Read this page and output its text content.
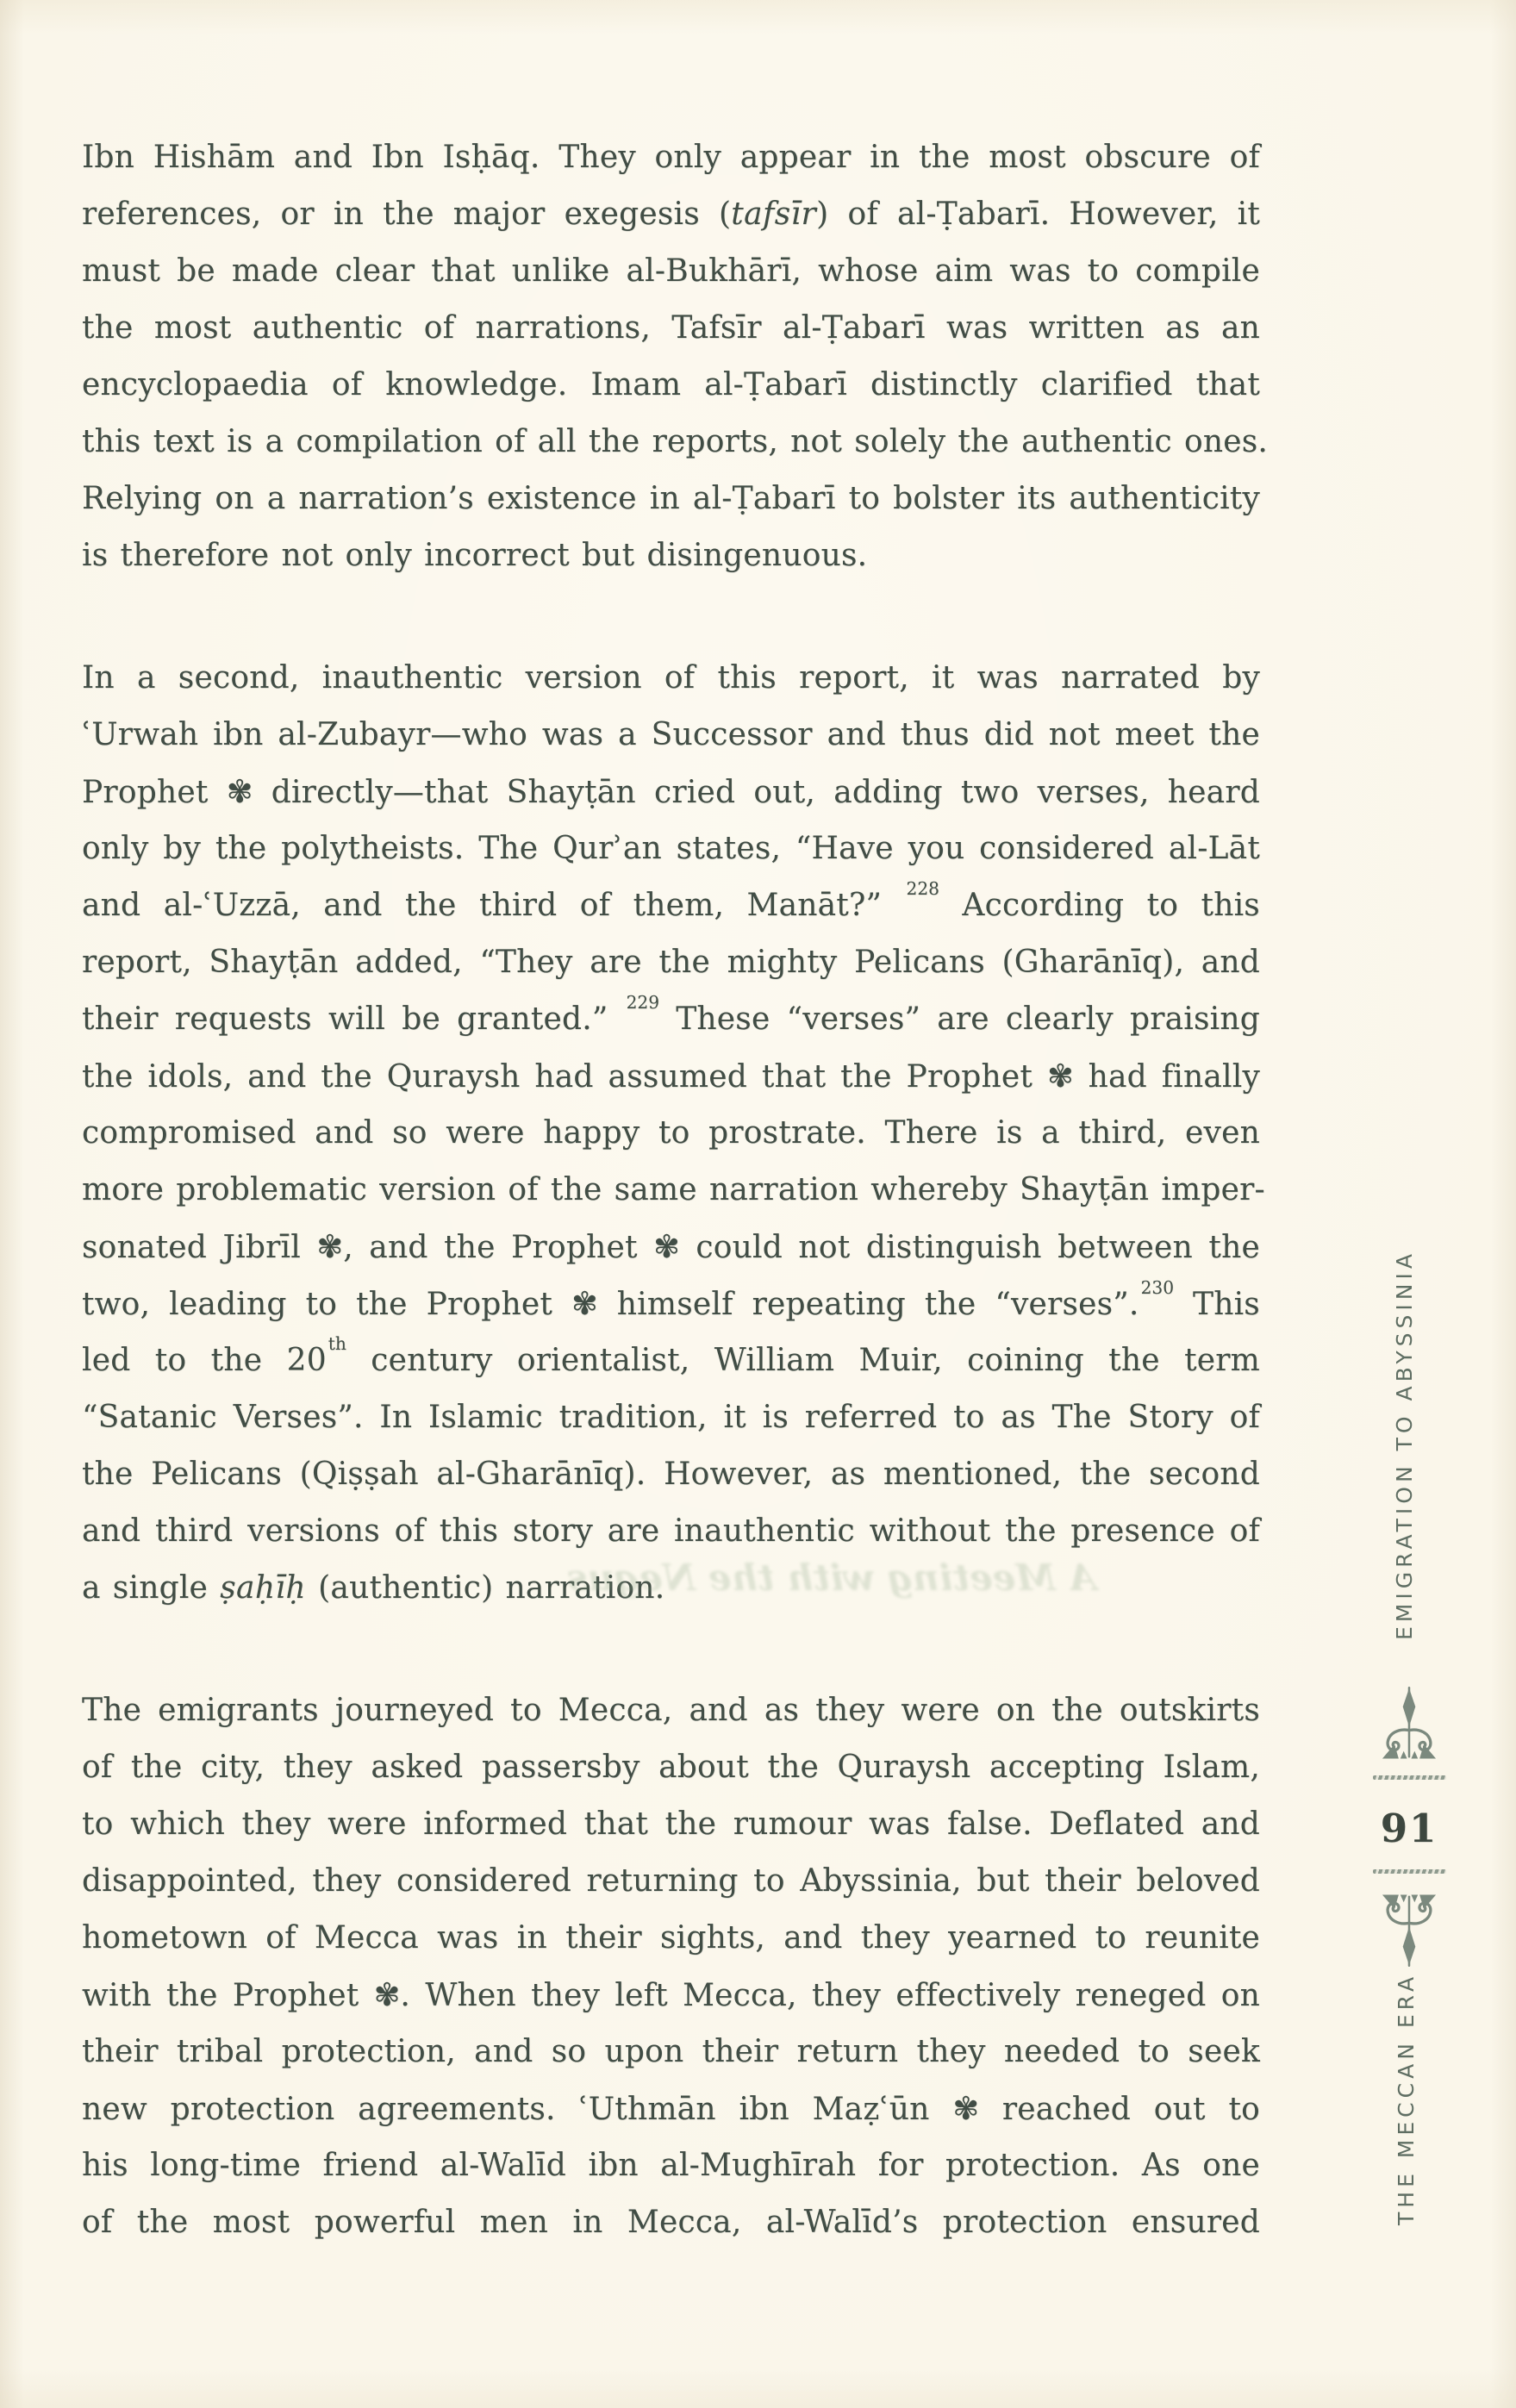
Ibn Hishām and Ibn Isḥāq. They only appear in the most obscure of
references, or in the major exegesis (tafsīr) of al-Ṭabarī. However, it
must be made clear that unlike al-Bukhārī, whose aim was to compile
the most authentic of narrations, Tafsīr al-Ṭabarī was written as an
encyclopaedia of knowledge. Imam al-Ṭabarī distinctly clarified that
this text is a compilation of all the reports, not solely the authentic ones.
Relying on a narration’s existence in al-Ṭabarī to bolster its authenticity
is therefore not only incorrect but disingenuous.
In a second, inauthentic version of this report, it was narrated by
ʿUrwah ibn al-Zubayr—who was a Successor and thus did not meet the
Prophet ✾ directly—that Shayṭān cried out, adding two verses, heard
only by the polytheists. The Qurʾan states, “Have you considered al-Lāt
and al-ʿUzzā, and the third of them, Manāt?” $^{228}$ According to this
report, Shayṭān added, “They are the mighty Pelicans (Gharānīq), and
their requests will be granted.” $^{229}$ These “verses” are clearly praising
the idols, and the Quraysh had assumed that the Prophet ✾ had finally
compromised and so were happy to prostrate. There is a third, even
more problematic version of the same narration whereby Shayṭān imper-
sonated Jibrīl ✾, and the Prophet ✾ could not distinguish between the
two, leading to the Prophet ✾ himself repeating the “verses”.$^{230}$ This
led to the 20th century orientalist, William Muir, coining the term
“Satanic Verses”. In Islamic tradition, it is referred to as The Story of
the Pelicans (Qiṣṣah al-Gharānīq). However, as mentioned, the second
and third versions of this story are inauthentic without the presence of
a single ṣaḥīḥ (authentic) narration.
The emigrants journeyed to Mecca, and as they were on the outskirts
of the city, they asked passersby about the Quraysh accepting Islam,
to which they were informed that the rumour was false. Deflated and
disappointed, they considered returning to Abyssinia, but their beloved
hometown of Mecca was in their sights, and they yearned to reunite
with the Prophet ✾. When they left Mecca, they effectively reneged on
their tribal protection, and so upon their return they needed to seek
new protection agreements. ʿUthmān ibn Maẓʿūn ✾ reached out to
his long-time friend al-Walīd ibn al-Mughīrah for protection. As one
of the most powerful men in Mecca, al-Walīd’s protection ensured
A Meeting with the Negus	EMIGRATION TO ABYSSINIA
91
THE MECCAN ERA
